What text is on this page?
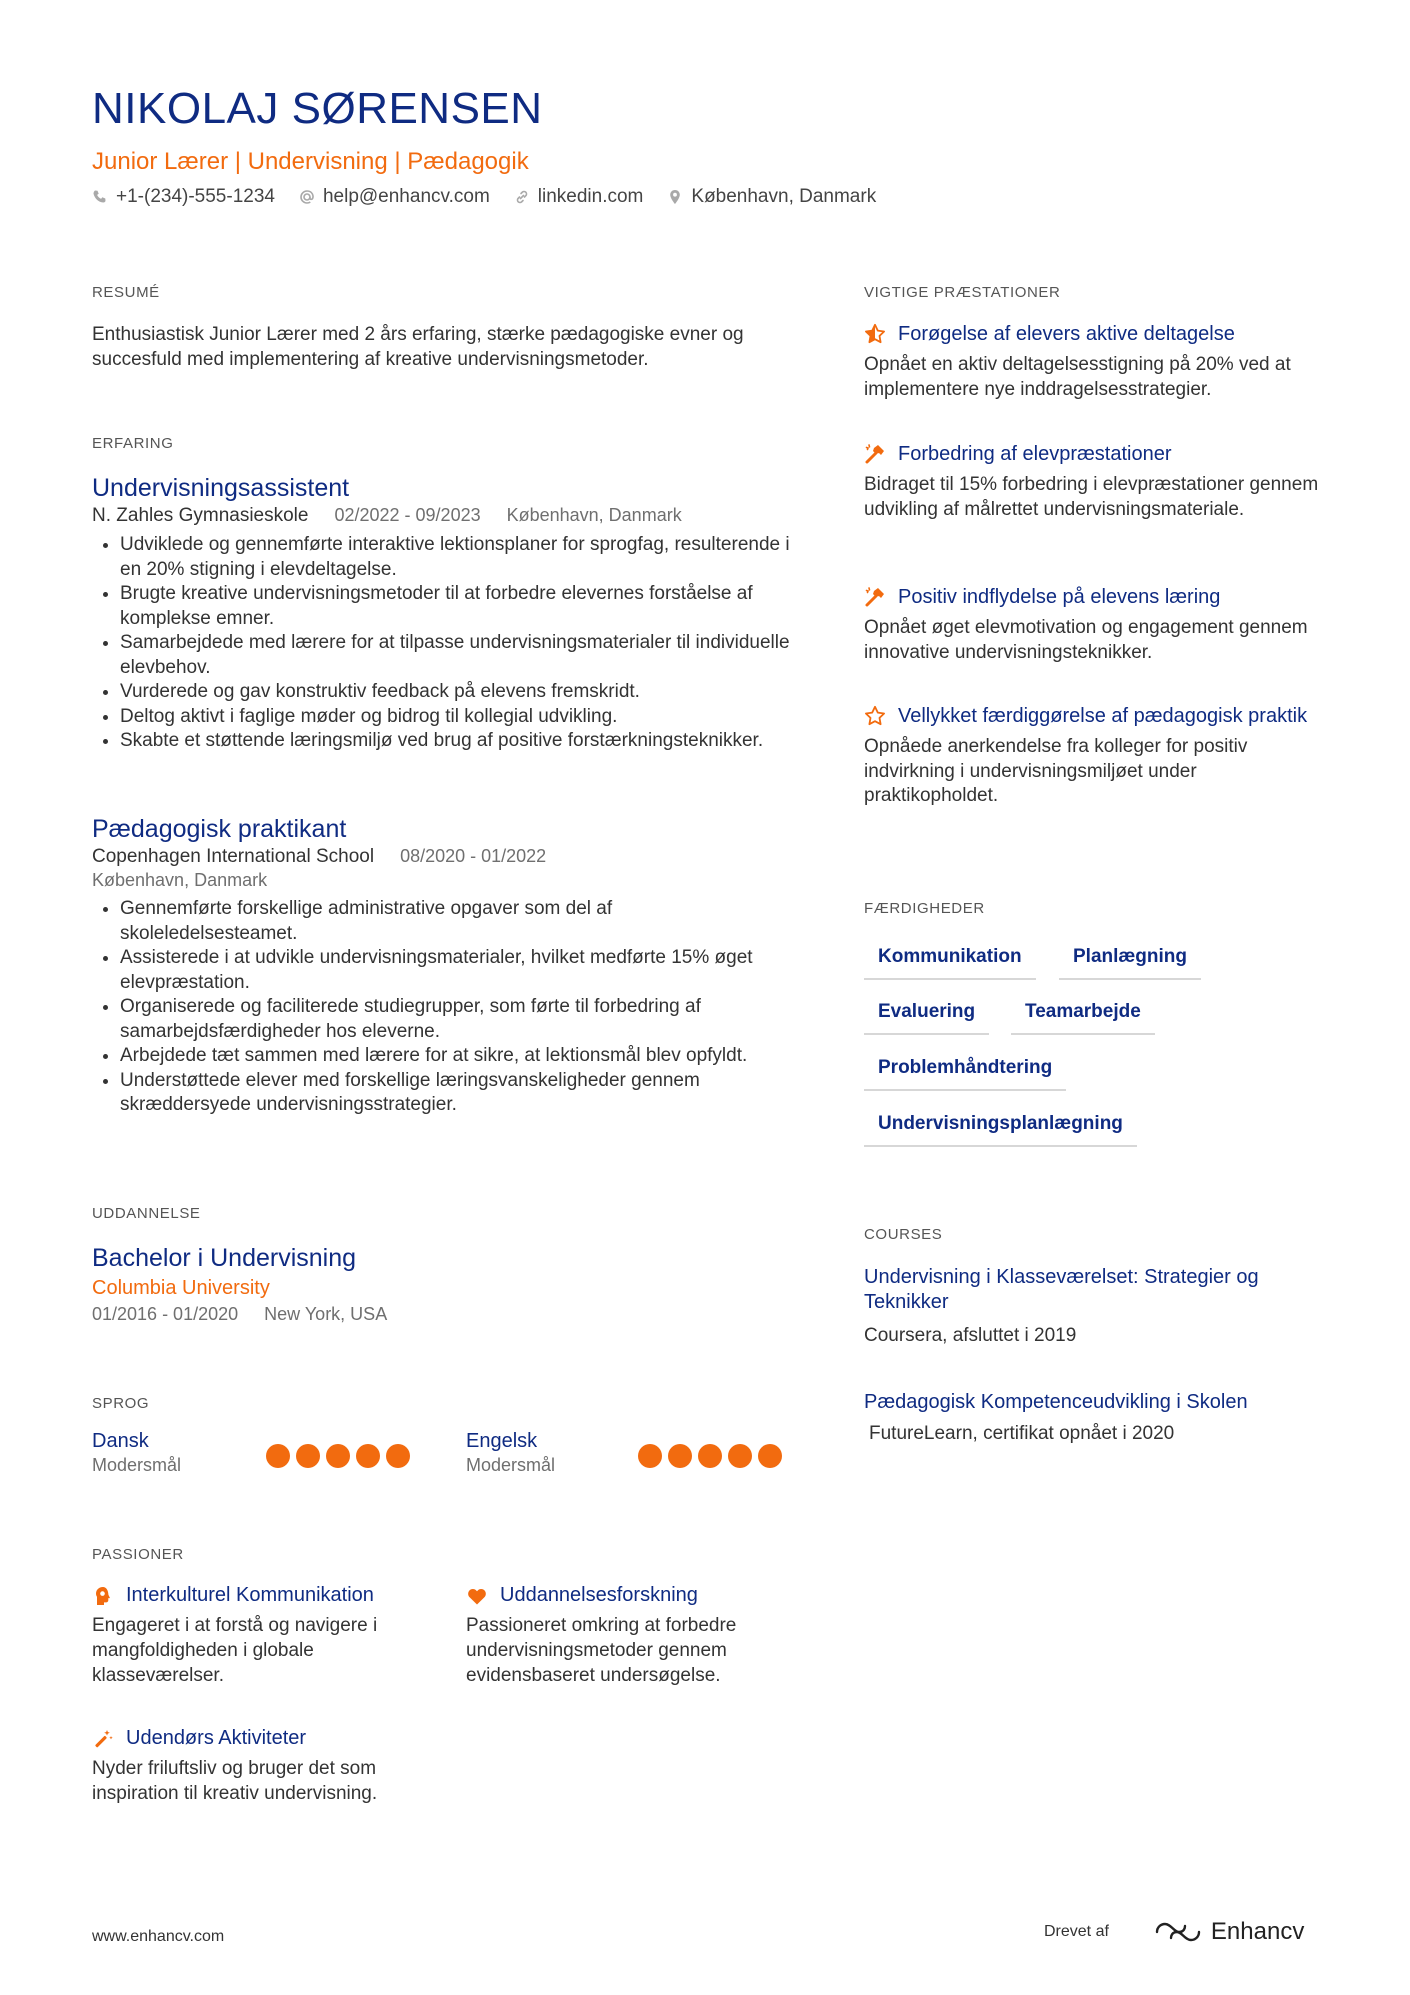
NIKOLAJ SØRENSEN
Junior Lærer | Undervisning | Pædagogik
+1-(234)-555-1234	help@enhancv.com	linkedin.com	København, Danmark
RESUMÉ
Enthusiastisk Junior Lærer med 2 års erfaring, stærke pædagogiske evner og succesfuld med implementering af kreative undervisningsmetoder.
ERFARING
Undervisningsassistent
N. Zahles Gymnasieskole 02/2022 - 09/2023 København, Danmark
• Udviklede og gennemførte interaktive lektionsplaner for sprogfag, resulterende i en 20% stigning i elevdeltagelse.
• Brugte kreative undervisningsmetoder til at forbedre elevernes forståelse af komplekse emner.
• Samarbejdede med lærere for at tilpasse undervisningsmaterialer til individuelle elevbehov.
• Vurderede og gav konstruktiv feedback på elevens fremskridt.
• Deltog aktivt i faglige møder og bidrog til kollegial udvikling.
• Skabte et støttende læringsmiljø ved brug af positive forstærkningsteknikker.
Pædagogisk praktikant
Copenhagen International School 08/2020 - 01/2022
København, Danmark
• Gennemførte forskellige administrative opgaver som del af skoleledelsesteamet.
• Assisterede i at udvikle undervisningsmaterialer, hvilket medførte 15% øget elevpræstation.
• Organiserede og faciliterede studiegrupper, som førte til forbedring af samarbejdsfærdigheder hos eleverne.
• Arbejdede tæt sammen med lærere for at sikre, at lektionsmål blev opfyldt.
• Understøttede elever med forskellige læringsvanskeligheder gennem skræddersyede undervisningsstrategier.
UDDANNELSE
Bachelor i Undervisning
Columbia University
01/2016 - 01/2020 New York, USA
SPROG
Dansk
Modersmål
Engelsk
Modersmål
PASSIONER
Interkulturel Kommunikation
Engageret i at forstå og navigere i mangfoldigheden i globale klasseværelser.
Uddannelsesforskning
Passioneret omkring at forbedre undervisningsmetoder gennem evidensbaseret undersøgelse.
Udendørs Aktiviteter
Nyder friluftsliv og bruger det som inspiration til kreativ undervisning.
VIGTIGE PRÆSTATIONER
Forøgelse af elevers aktive deltagelse
Opnået en aktiv deltagelsesstigning på 20% ved at implementere nye inddragelsesstrategier.
Forbedring af elevpræstationer
Bidraget til 15% forbedring i elevpræstationer gennem udvikling af målrettet undervisningsmateriale.
Positiv indflydelse på elevens læring
Opnået øget elevmotivation og engagement gennem innovative undervisningsteknikker.
Vellykket færdiggørelse af pædagogisk praktik
Opnåede anerkendelse fra kolleger for positiv indvirkning i undervisningsmiljøet under praktikopholdet.
FÆRDIGHEDER
Kommunikation	Planlægning
Evaluering	Teamarbejde
Problemhåndtering
Undervisningsplanlægning
COURSES
Undervisning i Klasseværelset: Strategier og Teknikker
Coursera, afsluttet i 2019
Pædagogisk Kompetenceudvikling i Skolen
FutureLearn, certifikat opnået i 2020
www.enhancv.com	Drevet af	Enhancv
